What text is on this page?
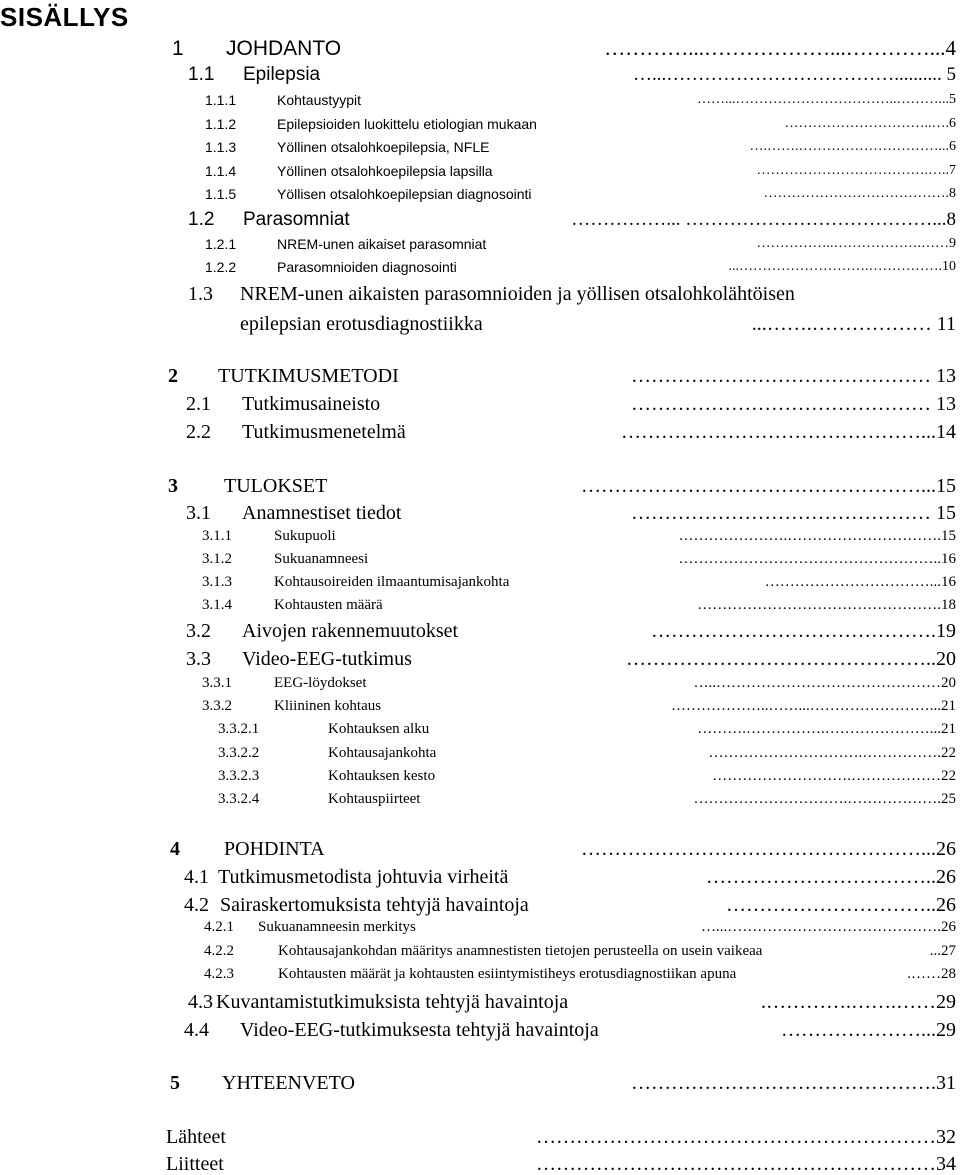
SISÄLLYS
1 JOHDANTO	…………...………………...…………...4
1.1 Epilepsia	…...……………………………….......... 5
1.1.1	Kohtaustyypit	……...……………………………..………...5
1.1.2	Epilepsioiden luokittelu etiologian mukaan	…………………………..….6
1.1.3	Yöllinen otsalohkoepilepsia, NFLE	….…….…………………………...6
1.1.4	Yöllinen otsalohkoepilepsia lapsilla	……………………………….…..7
1.1.5	Yöllisen otsalohkoepilepsian diagnosointi	………………………………….8
1.2 Parasomniat	……………... …………………………………...8
1.2.1	NREM-unen aikaiset parasomniat	……………..……………….……9
1.2.2	Parasomnioiden diagnosointi	...……………………….…………….10
1.3 NREM-unen aikaisten parasomnioiden ja yöllisen otsalohkolähtöisen
epilepsian erotusdiagnostiikka	...…….……………… 11
2 TUTKIMUSMETODI	……………………………………… 13
2.1 Tutkimusaineisto	……………………………………… 13
2.2 Tutkimusmenetelmä	………………………………………...14
3 TULOKSET	……………………………………………...15
3.1 Anamnestiset tiedot	……………………………………… 15
3.1.1	Sukupuoli	………………….………………………….15
3.1.2	Sukuanamneesi	……………………………………………..16
3.1.3	Kohtausoireiden ilmaantumisajankohta	……………………………...16
3.1.4	Kohtausten määrä	………………………………………….18
3.2 Aivojen rakennemuutokset	…………………………………….19
3.3 Video-EEG-tutkimus	………………………………………..20
3.3.1	EEG-löydokset	…..………………………………………20
3.3.2	Kliininen kohtaus	………………..……...……………………...21
3.3.2.1	Kohtauksen alku	……….…………….…………………...21
3.3.2.2	Kohtausajankohta	………………………….…………….22
3.3.2.3	Kohtauksen kesto	……………………….………………22
3.3.2.4	Kohtauspiirteet	………………………….……………….25
4 POHDINTA	……………………………………………...26
4.1 Tutkimusmetodista johtuvia virheitä	……………………………..26
4.2 Sairaskertomuksista tehtyjä havaintoja	…………………………..26
4.2.1 Sukuanamneesin merkitys	…...…………………………………….26
4.2.2	Kohtausajankohdan määritys anamnestisten tietojen perusteella on usein vaikeaa	...27
4.2.3	Kohtausten määrät ja kohtausten esiintymistiheys erotusdiagnostiikan apuna	.……28
4.3 Kuvantamistutkimuksista tehtyjä havaintoja	.………….…….……29
4.4 Video-EEG-tutkimuksesta tehtyjä havaintoja	…………………...29
5 YHTEENVETO	……………………………………….31
Lähteet	……………………………………………………32
Liitteet	……………………………………………………34
